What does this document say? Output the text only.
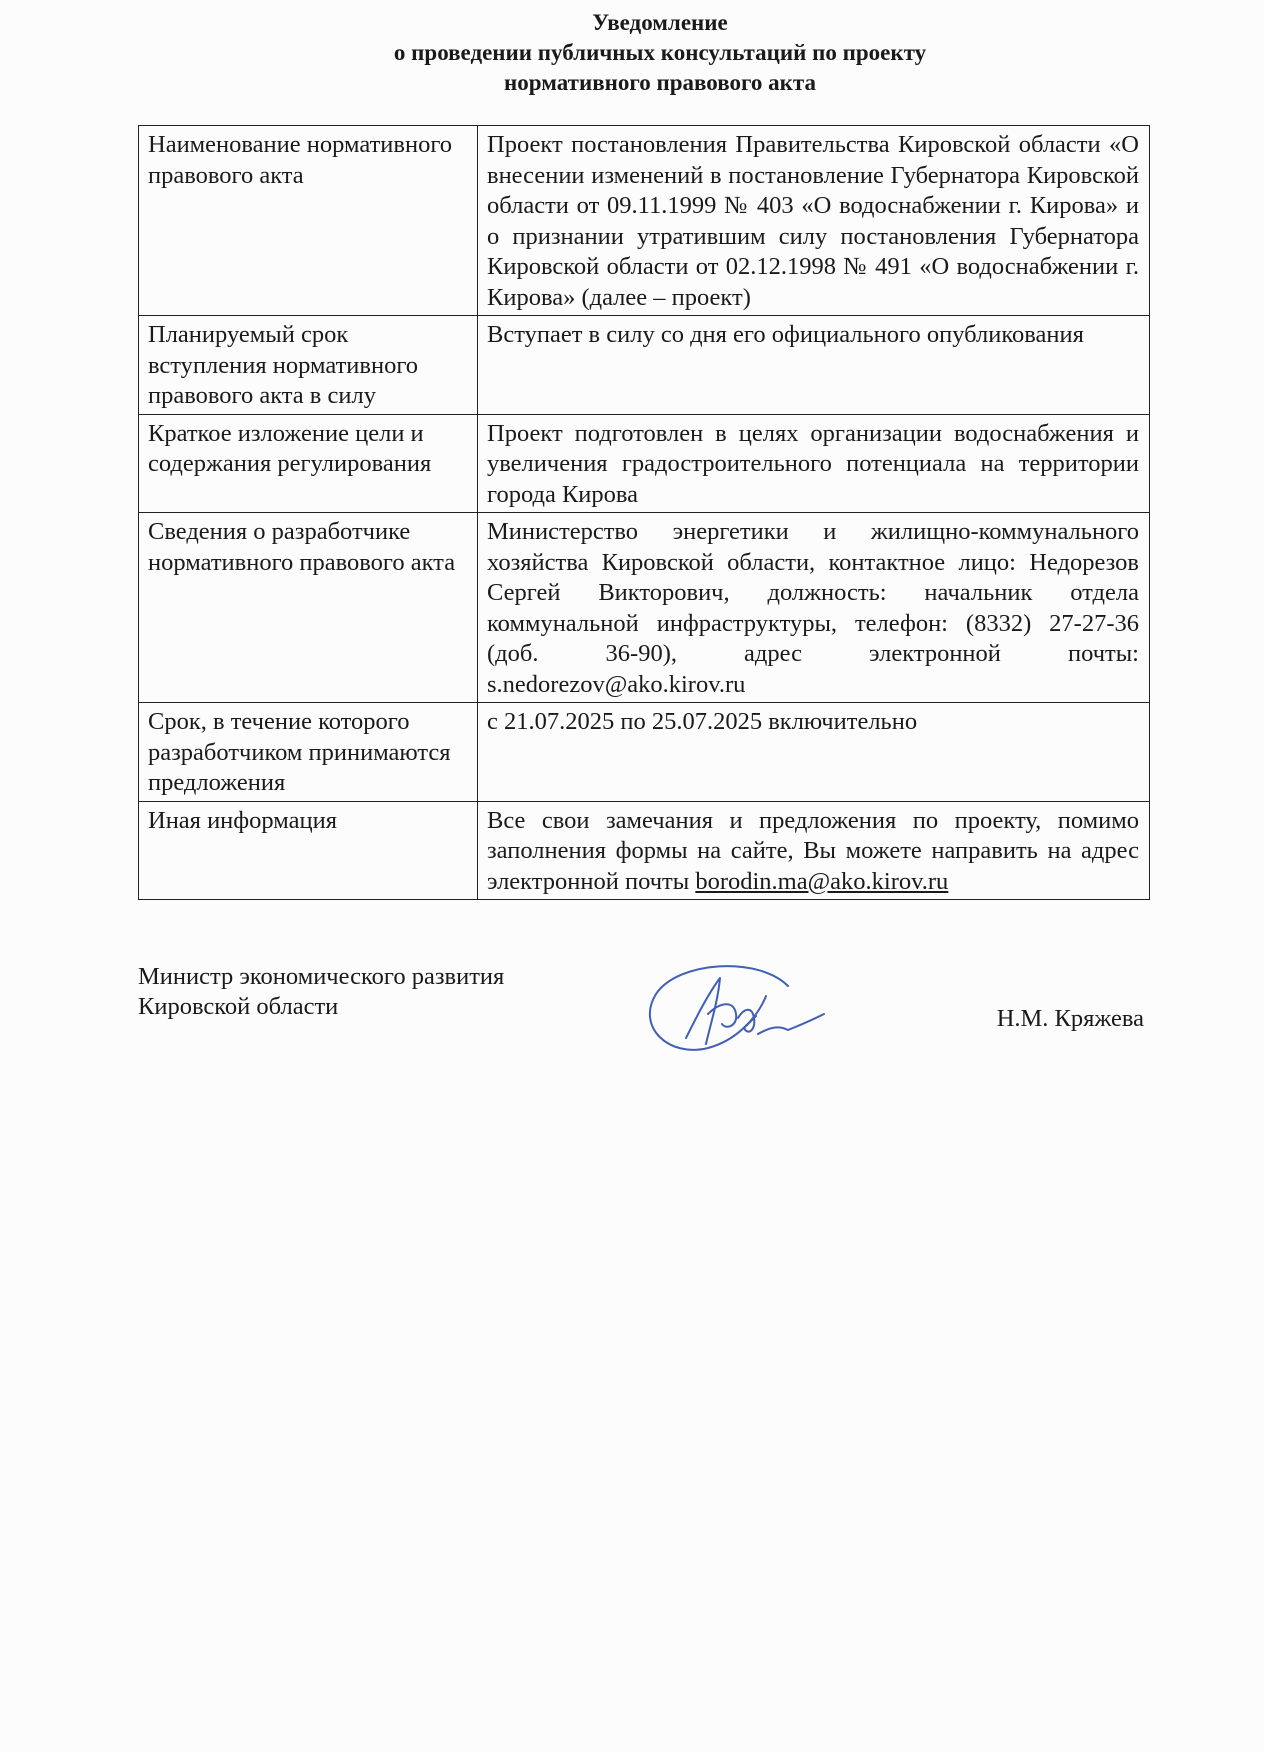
Уведомление
о проведении публичных консультаций по проекту
нормативного правового акта
Наименование нормативного правового акта	Проект постановления Правительства Кировской области «О внесении изменений в постановление Губернатора Кировской области от 09.11.1999 № 403 «О водоснабжении г. Кирова» и о признании утратившим силу постановления Губернатора Кировской области от 02.12.1998 № 491 «О водоснабжении г. Кирова» (далее – проект)
Планируемый срок вступления нормативного правового акта в силу	Вступает в силу со дня его официального опубликования
Краткое изложение цели и содержания регулирования	Проект подготовлен в целях организации водоснабжения и увеличения градостроительного потенциала на территории города Кирова
Сведения о разработчике нормативного правового акта	Министерство энергетики и жилищно-коммунального хозяйства Кировской области, контактное лицо: Недорезов Сергей Викторович, должность: начальник отдела коммунальной инфраструктуры, телефон: (8332) 27-27-36 (доб. 36-90), адрес электронной почты: s.nedorezov@ako.kirov.ru
Срок, в течение которого разработчиком принимаются предложения	с 21.07.2025 по 25.07.2025 включительно
Иная информация	Все свои замечания и предложения по проекту, помимо заполнения формы на сайте, Вы можете направить на адрес электронной почты borodin.ma@ako.kirov.ru
Министр экономического развития
Кировской области	Н.М. Кряжева
